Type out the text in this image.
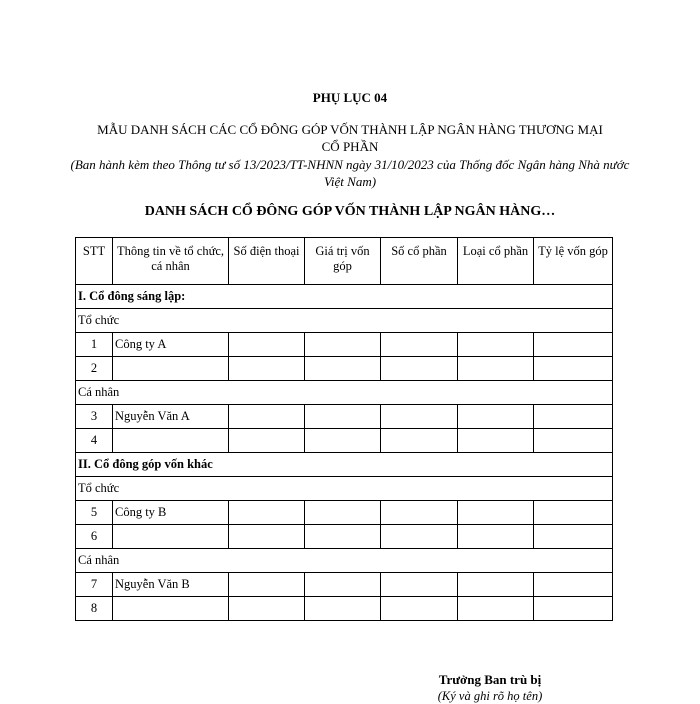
PHỤ LỤC 04
MẪU DANH SÁCH CÁC CỔ ĐÔNG GÓP VỐN THÀNH LẬP NGÂN HÀNG THƯƠNG MẠI CỔ PHẦN
(Ban hành kèm theo Thông tư số 13/2023/TT-NHNN ngày 31/10/2023 của Thống đốc Ngân hàng Nhà nước Việt Nam)
DANH SÁCH CỔ ĐÔNG GÓP VỐN THÀNH LẬP NGÂN HÀNG…
STT	Thông tin về tổ chức, cá nhân	Số điện thoại	Giá trị vốn góp	Số cổ phần	Loại cổ phần	Tỷ lệ vốn góp
I. Cổ đông sáng lập:						
Tổ chức						
1	Công ty A					
2						
Cá nhân						
3	Nguyễn Văn A					
4						
II. Cổ đông góp vốn khác						
Tổ chức						
5	Công ty B					
6						
Cá nhân						
7	Nguyễn Văn B					
8						
Trưởng Ban trù bị
(Ký và ghi rõ họ tên)
